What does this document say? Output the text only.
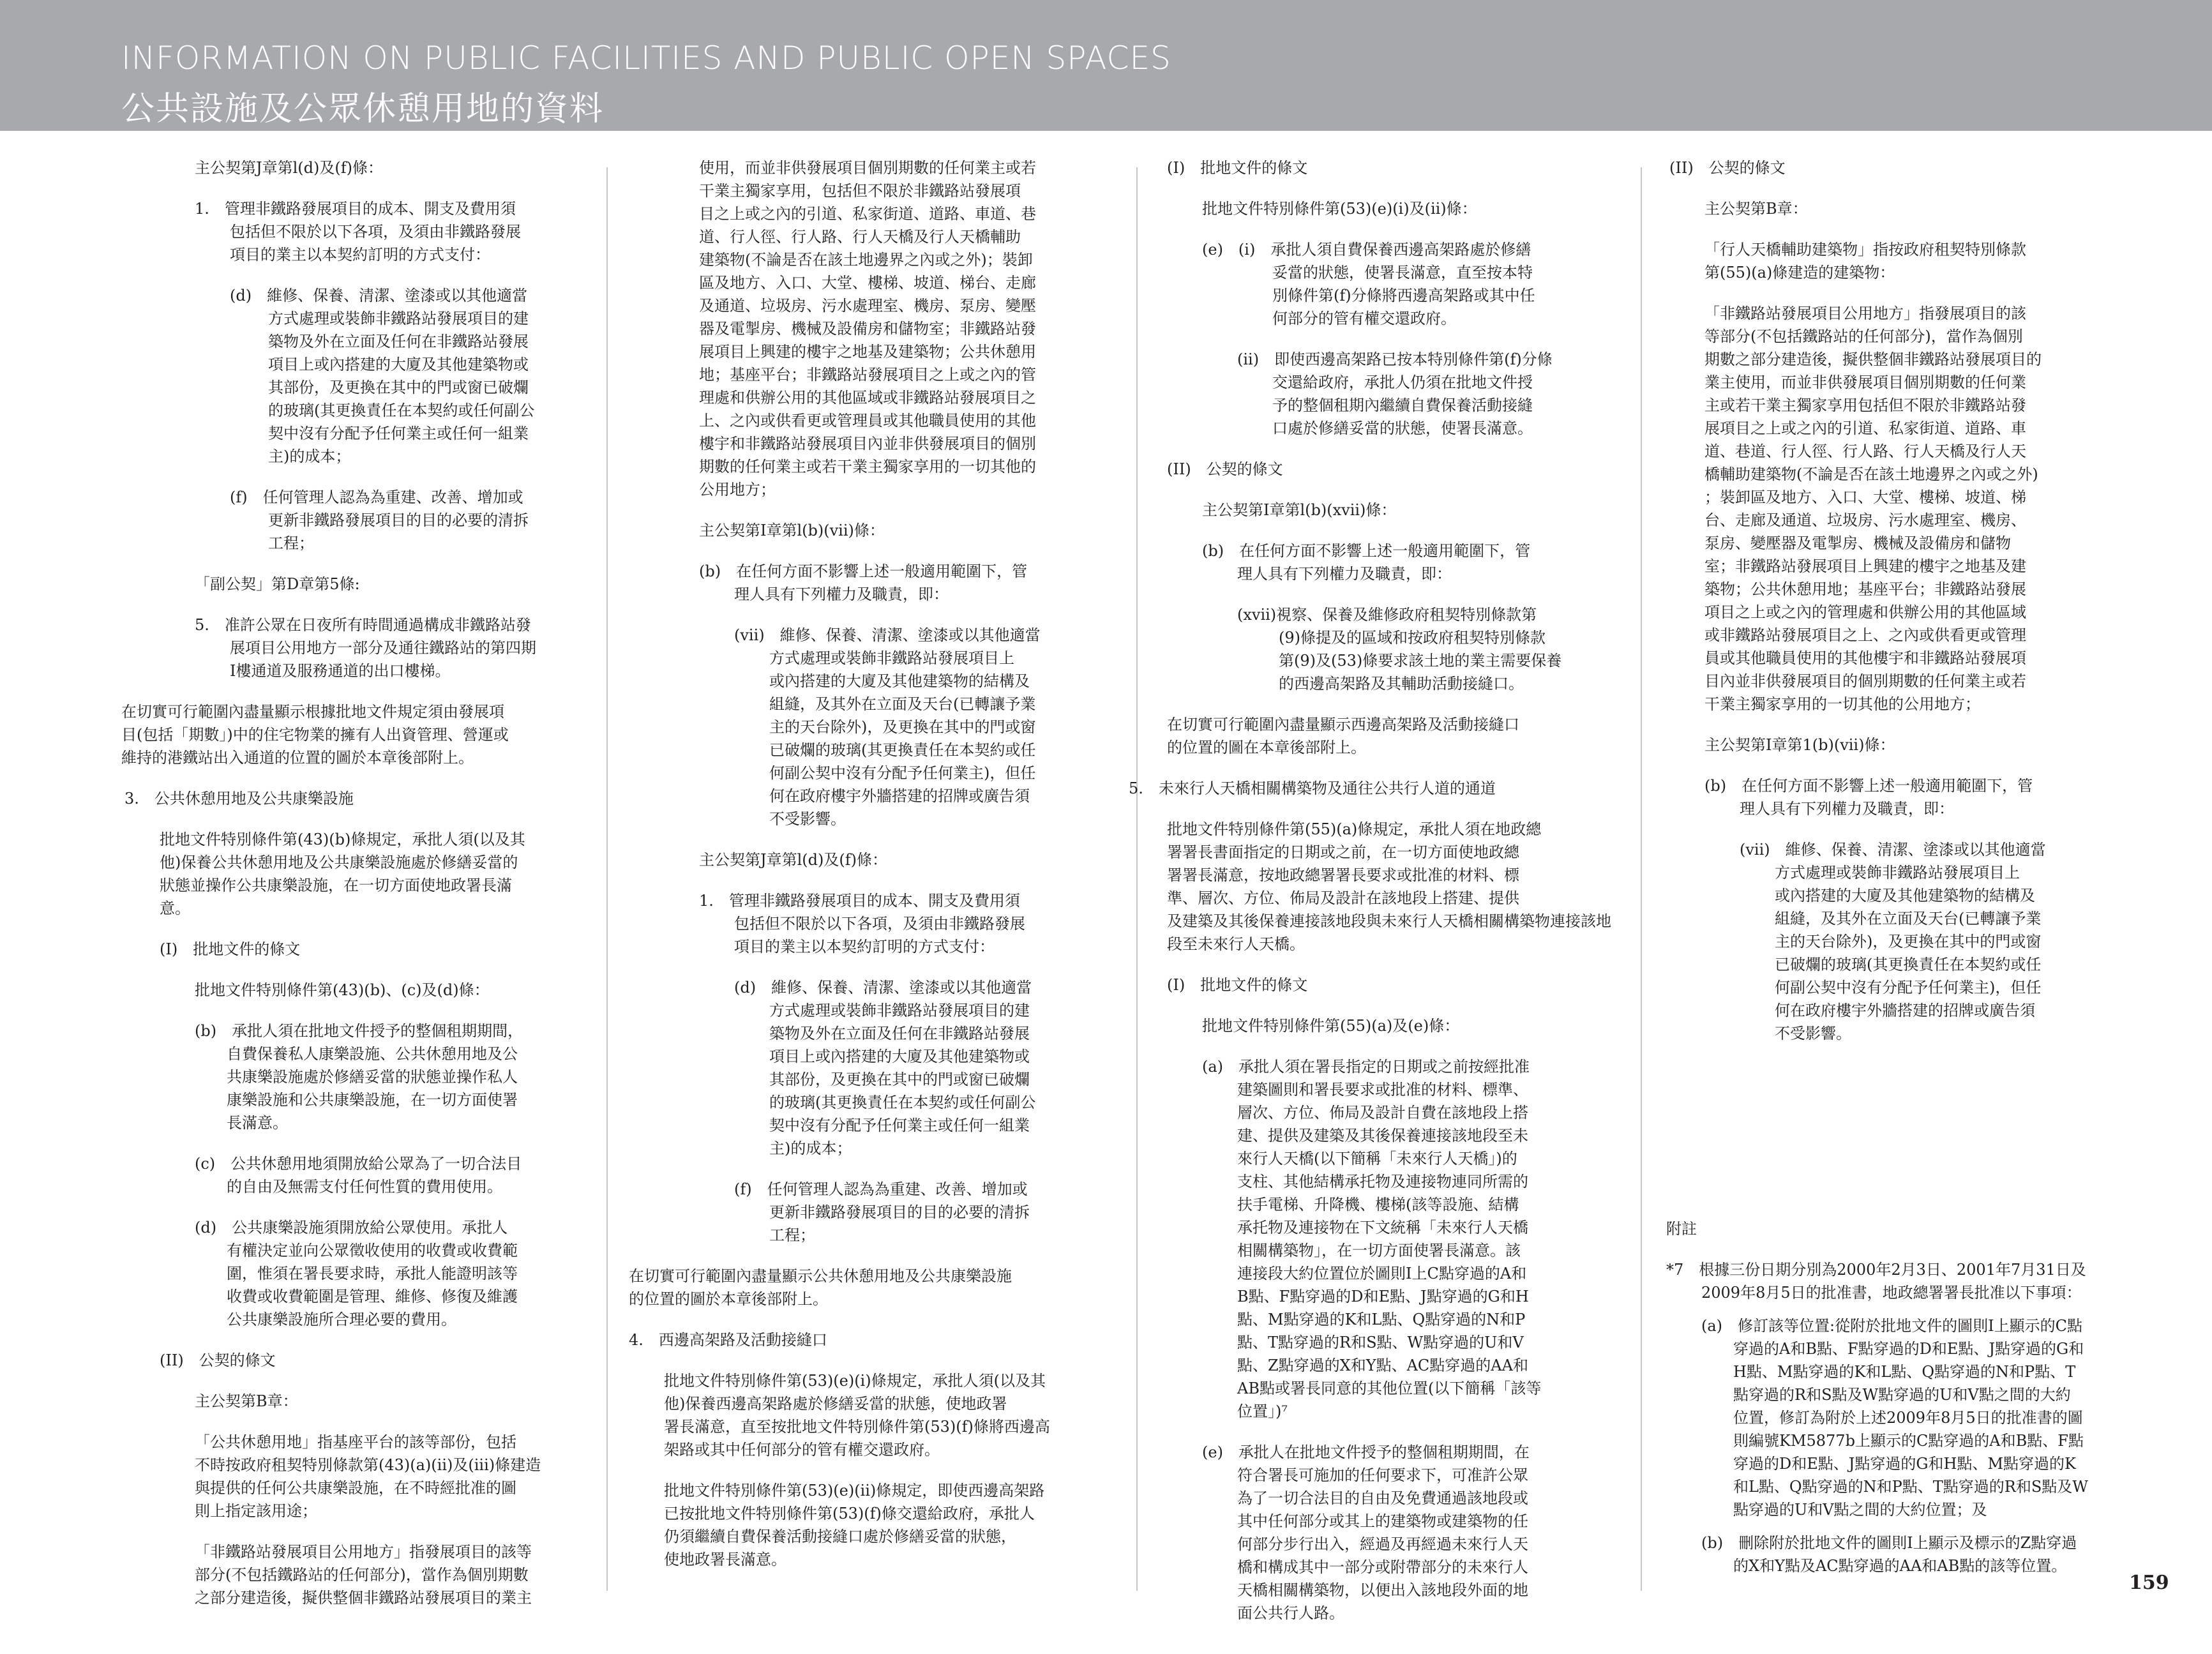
INFORMATION ON PUBLIC FACILITIES AND PUBLIC OPEN SPACES
公共設施及公眾休憩用地的資料

主公契第J章第l(d)及(f)條：

1.　管理非鐵路發展項目的成本、開支及費用須

包括但不限於以下各項，及須由非鐵路發展

項目的業主以本契約訂明的方式支付：

(d)　維修、保養、清潔、塗漆或以其他適當

方式處理或裝飾非鐵路站發展項目的建

築物及外在立面及任何在非鐵路站發展

項目上或內搭建的大廈及其他建築物或

其部份，及更換在其中的門或窗已破爛

的玻璃(其更換責任在本契約或任何副公

契中沒有分配予任何業主或任何一組業

主)的成本；

(f)　任何管理人認為為重建、改善、增加或

更新非鐵路發展項目的目的必要的清拆

工程；

「副公契」第D章第5條:

5.　准許公眾在日夜所有時間通過構成非鐵路站發

展項目公用地方一部分及通往鐵路站的第四期

I樓通道及服務通道的出口樓梯。

在切實可行範圍內盡量顯示根據批地文件規定須由發展項

目(包括「期數」)中的住宅物業的擁有人出資管理、營運或

維持的港鐵站出入通道的位置的圖於本章後部附上。

3.　公共休憩用地及公共康樂設施

批地文件特別條件第(43)(b)條規定，承批人須(以及其

他)保養公共休憩用地及公共康樂設施處於修繕妥當的

狀態並操作公共康樂設施，在一切方面使地政署長滿

意。

(I)　批地文件的條文

批地文件特別條件第(43)(b)、(c)及(d)條：

(b)　承批人須在批地文件授予的整個租期期間，

自費保養私人康樂設施、公共休憩用地及公

共康樂設施處於修繕妥當的狀態並操作私人

康樂設施和公共康樂設施，在一切方面使署

長滿意。

(c)　公共休憩用地須開放給公眾為了一切合法目

的自由及無需支付任何性質的費用使用。

(d)　公共康樂設施須開放給公眾使用。承批人

有權決定並向公眾徵收使用的收費或收費範

圍，惟須在署長要求時，承批人能證明該等

收費或收費範圍是管理、維修、修復及維護

公共康樂設施所合理必要的費用。

(II)　公契的條文

主公契第B章：

「公共休憩用地」指基座平台的該等部份，包括

不時按政府租契特別條款第(43)(a)(ii)及(iii)條建造

與提供的任何公共康樂設施，在不時經批准的圖

則上指定該用途；

「非鐵路站發展項目公用地方」指發展項目的該等

部分(不包括鐵路站的任何部分)，當作為個別期數

之部分建造後，擬供整個非鐵路站發展項目的業主

使用，而並非供發展項目個別期數的任何業主或若

干業主獨家享用，包括但不限於非鐵路站發展項

目之上或之內的引道、私家街道、道路、車道、巷

道、行人徑、行人路、行人天橋及行人天橋輔助

建築物(不論是否在該土地邊界之內或之外)；裝卸

區及地方、入口、大堂、樓梯、坡道、梯台、走廊

及通道、垃圾房、污水處理室、機房、泵房、變壓

器及電掣房、機械及設備房和儲物室；非鐵路站發

展項目上興建的樓宇之地基及建築物；公共休憩用

地；基座平台；非鐵路站發展項目之上或之內的管

理處和供辦公用的其他區域或非鐵路站發展項目之

上、之內或供看更或管理員或其他職員使用的其他

樓宇和非鐵路站發展項目內並非供發展項目的個別

期數的任何業主或若干業主獨家享用的一切其他的

公用地方；

主公契第I章第l(b)(vii)條：

(b)　在任何方面不影響上述一般適用範圍下，管

理人具有下列權力及職責，即：

(vii)　維修、保養、清潔、塗漆或以其他適當

方式處理或裝飾非鐵路站發展項目上

或內搭建的大廈及其他建築物的結構及

組縫，及其外在立面及天台(已轉讓予業

主的天台除外)，及更換在其中的門或窗

已破爛的玻璃(其更換責任在本契約或任

何副公契中沒有分配予任何業主)，但任

何在政府樓宇外牆搭建的招牌或廣告須

不受影響。

主公契第J章第l(d)及(f)條：

1.　管理非鐵路發展項目的成本、開支及費用須

包括但不限於以下各項，及須由非鐵路發展

項目的業主以本契約訂明的方式支付：

(d)　維修、保養、清潔、塗漆或以其他適當

方式處理或裝飾非鐵路站發展項目的建

築物及外在立面及任何在非鐵路站發展

項目上或內搭建的大廈及其他建築物或

其部份，及更換在其中的門或窗已破爛

的玻璃(其更換責任在本契約或任何副公

契中沒有分配予任何業主或任何一組業

主)的成本；

(f)　任何管理人認為為重建、改善、增加或

更新非鐵路發展項目的目的必要的清拆

工程；

在切實可行範圍內盡量顯示公共休憩用地及公共康樂設施

的位置的圖於本章後部附上。

4.　西邊高架路及活動接縫口

批地文件特別條件第(53)(e)(i)條規定，承批人須(以及其

他)保養西邊高架路處於修繕妥當的狀態，使地政署

署長滿意，直至按批地文件特別條件第(53)(f)條將西邊高

架路或其中任何部分的管有權交還政府。

批地文件特別條件第(53)(e)(ii)條規定，即使西邊高架路

已按批地文件特別條件第(53)(f)條交還給政府，承批人

仍須繼續自費保養活動接縫口處於修繕妥當的狀態，

使地政署長滿意。

(I)　批地文件的條文

批地文件特別條件第(53)(e)(i)及(ii)條：

(e)　(i)　承批人須自費保養西邊高架路處於修繕

妥當的狀態，使署長滿意，直至按本特

別條件第(f)分條將西邊高架路或其中任

何部分的管有權交還政府。

(ii)　即使西邊高架路已按本特別條件第(f)分條

交還給政府，承批人仍須在批地文件授

予的整個租期內繼續自費保養活動接縫

口處於修繕妥當的狀態，使署長滿意。

(II)　公契的條文

主公契第I章第l(b)(xvii)條：

(b)　在任何方面不影響上述一般適用範圍下，管

理人具有下列權力及職責，即：

(xvii)視察、保養及維修政府租契特別條款第

(9)條提及的區域和按政府租契特別條款

第(9)及(53)條要求該土地的業主需要保養

的西邊高架路及其輔助活動接縫口。

在切實可行範圍內盡量顯示西邊高架路及活動接縫口

的位置的圖在本章後部附上。

5.　未來行人天橋相關構築物及通往公共行人道的通道

批地文件特別條件第(55)(a)條規定，承批人須在地政總

署署長書面指定的日期或之前，在一切方面使地政總

署署長滿意，按地政總署署長要求或批准的材料、標

準、層次、方位、佈局及設計在該地段上搭建、提供

及建築及其後保養連接該地段與未來行人天橋相關構築物連接該地

段至未來行人天橋。

(I)　批地文件的條文

批地文件特別條件第(55)(a)及(e)條：

(a)　承批人須在署長指定的日期或之前按經批准

建築圖則和署長要求或批准的材料、標準、

層次、方位、佈局及設計自費在該地段上搭

建、提供及建築及其後保養連接該地段至未

來行人天橋(以下簡稱「未來行人天橋」)的

支柱、其他結構承托物及連接物連同所需的

扶手電梯、升降機、樓梯(該等設施、結構

承托物及連接物在下文統稱「未來行人天橋

相關構築物」，在一切方面使署長滿意。該

連接段大約位置位於圖則I上C點穿過的A和

B點、F點穿過的D和E點、J點穿過的G和H

點、M點穿過的K和L點、Q點穿過的N和P

點、T點穿過的R和S點、W點穿過的U和V

點、Z點穿過的X和Y點、AC點穿過的AA和

AB點或署長同意的其他位置(以下簡稱「該等

位置」)⁷

(e)　承批人在批地文件授予的整個租期期間，在

符合署長可施加的任何要求下，可准許公眾

為了一切合法目的自由及免費通過該地段或

其中任何部分或其上的建築物或建築物的任

何部分步行出入，經過及再經過未來行人天

橋和構成其中一部分或附帶部分的未來行人

天橋相關構築物，以便出入該地段外面的地

面公共行人路。

(II)　公契的條文

主公契第B章：

「行人天橋輔助建築物」指按政府租契特別條款

第(55)(a)條建造的建築物：

「非鐵路站發展項目公用地方」指發展項目的該

等部分(不包括鐵路站的任何部分)，當作為個別

期數之部分建造後，擬供整個非鐵路站發展項目的

業主使用，而並非供發展項目個別期數的任何業

主或若干業主獨家享用包括但不限於非鐵路站發

展項目之上或之內的引道、私家街道、道路、車

道、巷道、行人徑、行人路、行人天橋及行人天

橋輔助建築物(不論是否在該土地邊界之內或之外)

；裝卸區及地方、入口、大堂、樓梯、坡道、梯

台、走廊及通道、垃圾房、污水處理室、機房、

泵房、變壓器及電掣房、機械及設備房和儲物

室；非鐵路站發展項目上興建的樓宇之地基及建

築物；公共休憩用地；基座平台；非鐵路站發展

項目之上或之內的管理處和供辦公用的其他區域

或非鐵路站發展項目之上、之內或供看更或管理

員或其他職員使用的其他樓宇和非鐵路站發展項

目內並非供發展項目的個別期數的任何業主或若

干業主獨家享用的一切其他的公用地方；

主公契第I章第1(b)(vii)條：

(b)　在任何方面不影響上述一般適用範圍下，管

理人具有下列權力及職責，即：

(vii)　維修、保養、清潔、塗漆或以其他適當

方式處理或裝飾非鐵路站發展項目上

或內搭建的大廈及其他建築物的結構及

組縫，及其外在立面及天台(已轉讓予業

主的天台除外)，及更換在其中的門或窗

已破爛的玻璃(其更換責任在本契約或任

何副公契中沒有分配予任何業主)，但任

何在政府樓宇外牆搭建的招牌或廣告須

不受影響。

附註

*7　根據三份日期分別為2000年2月3日、2001年7月31日及

2009年8月5日的批准書，地政總署署長批准以下事項：

(a)　修訂該等位置:從附於批地文件的圖則I上顯示的C點

穿過的A和B點、F點穿過的D和E點、J點穿過的G和

H點、M點穿過的K和L點、Q點穿過的N和P點、T

點穿過的R和S點及W點穿過的U和V點之間的大約

位置，修訂為附於上述2009年8月5日的批准書的圖

則編號KM5877b上顯示的C點穿過的A和B點、F點

穿過的D和E點、J點穿過的G和H點、M點穿過的K

和L點、Q點穿過的N和P點、T點穿過的R和S點及W

點穿過的U和V點之間的大約位置；及

(b)　刪除附於批地文件的圖則I上顯示及標示的Z點穿過

的X和Y點及AC點穿過的AA和AB點的該等位置。

159
